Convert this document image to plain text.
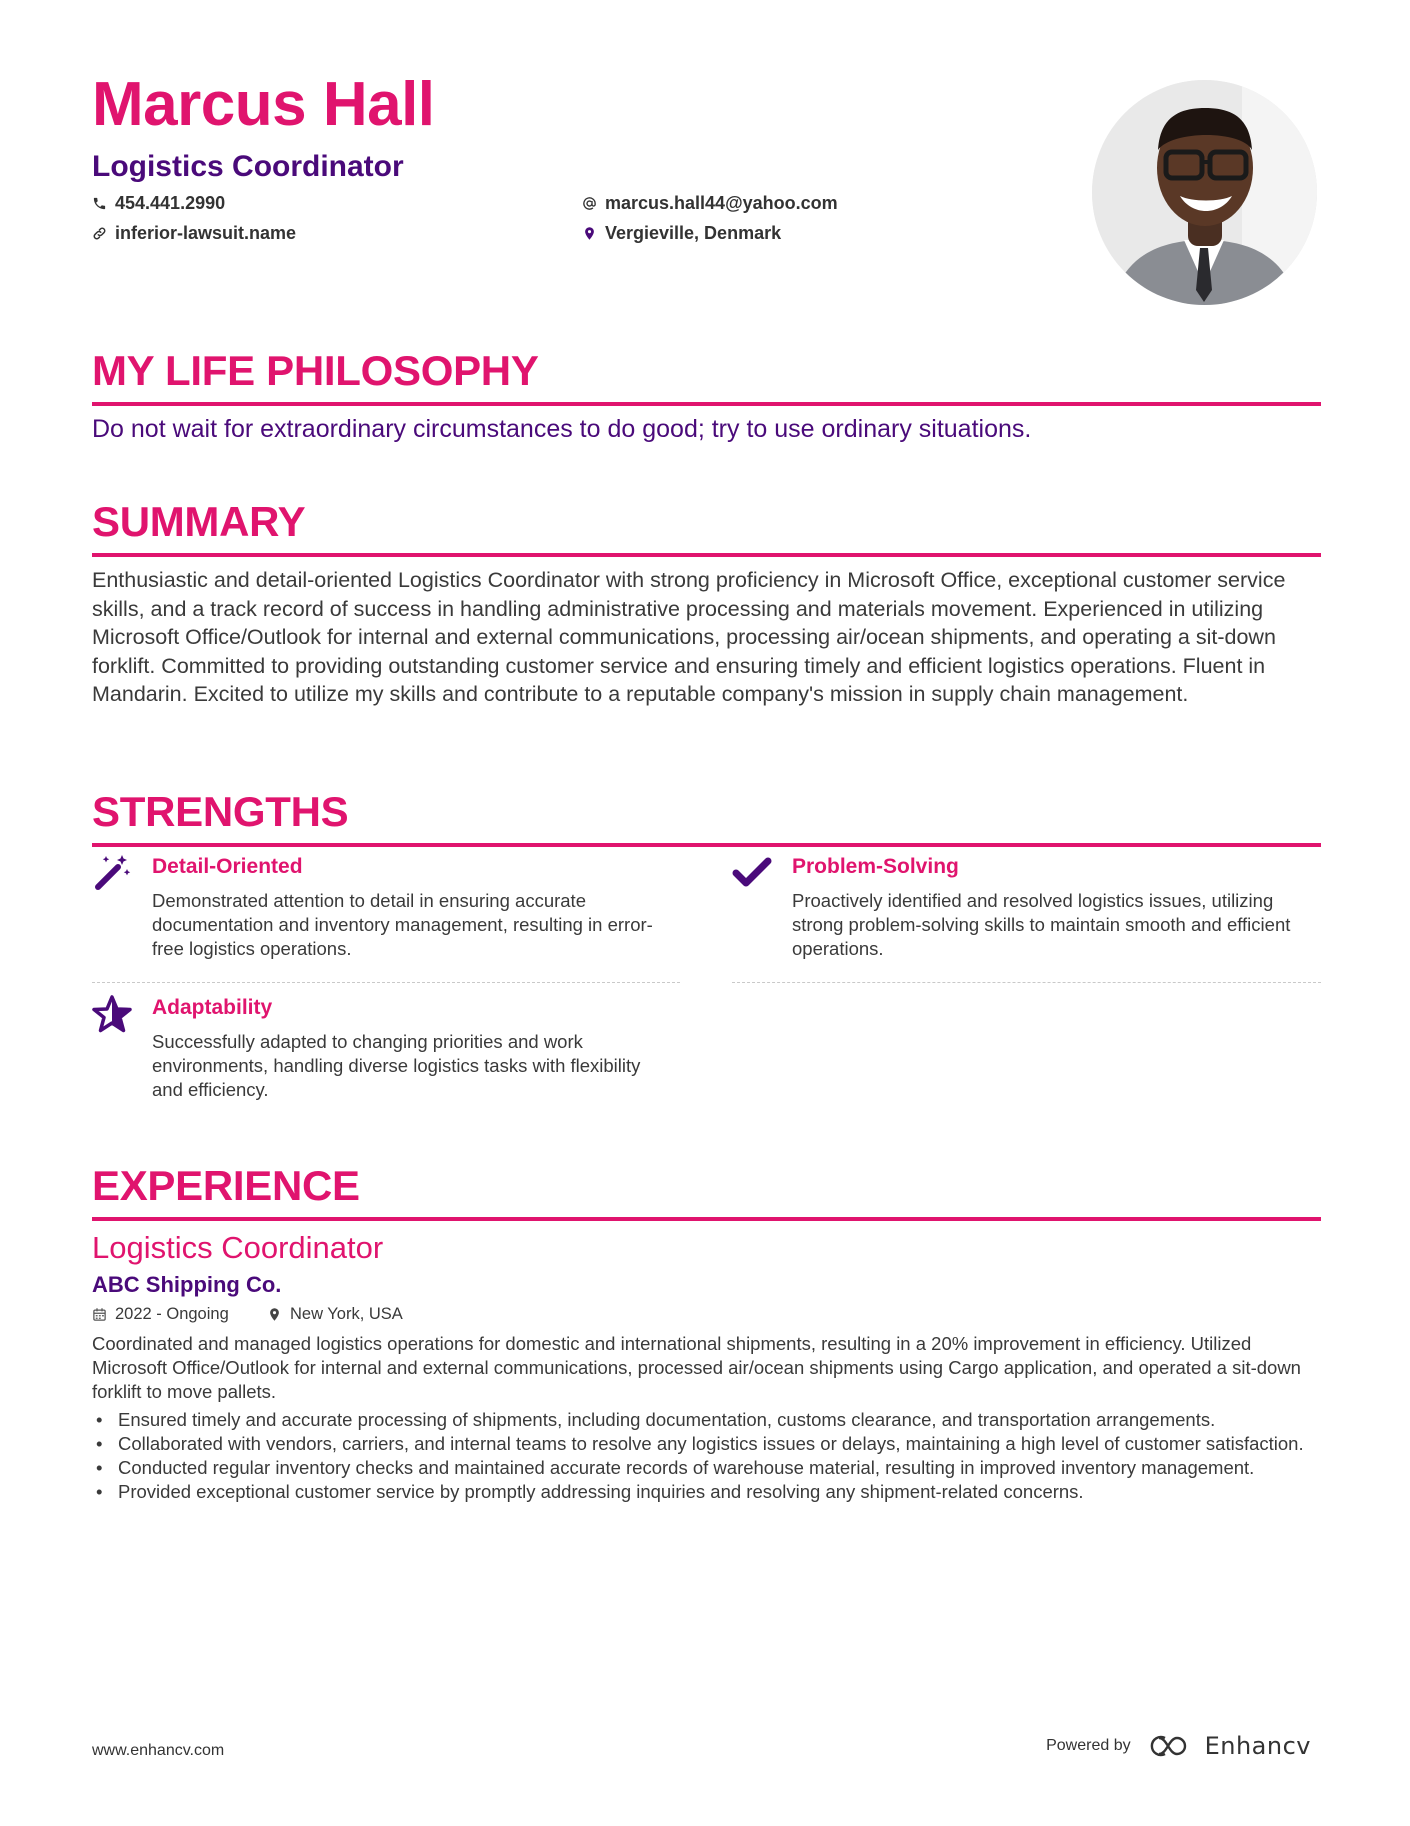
Marcus Hall
Logistics Coordinator
454.441.2990
inferior-lawsuit.name
marcus.hall44@yahoo.com
Vergieville, Denmark
MY LIFE PHILOSOPHY

Do not wait for extraordinary circumstances to do good; try to use ordinary situations.

SUMMARY

Enthusiastic and detail-oriented Logistics Coordinator with strong proficiency in Microsoft Office, exceptional customer service skills, and a track record of success in handling administrative processing and materials movement. Experienced in utilizing Microsoft Office/Outlook for internal and external communications, processing air/ocean shipments, and operating a sit-down forklift. Committed to providing outstanding customer service and ensuring timely and efficient logistics operations. Fluent in Mandarin. Excited to utilize my skills and contribute to a reputable company's mission in supply chain management.

STRENGTHS
Detail-Oriented

Demonstrated attention to detail in ensuring accurate documentation and inventory management, resulting in error-free logistics operations.

Problem-Solving

Proactively identified and resolved logistics issues, utilizing strong problem-solving skills to maintain smooth and efficient operations.

Adaptability

Successfully adapted to changing priorities and work environments, handling diverse logistics tasks with flexibility and efficiency.

EXPERIENCE
Logistics Coordinator
ABC Shipping Co.
2022 - Ongoing	New York, USA

Coordinated and managed logistics operations for domestic and international shipments, resulting in a 20% improvement in efficiency. Utilized Microsoft Office/Outlook for internal and external communications, processed air/ocean shipments using Cargo application, and operated a sit-down forklift to move pallets.

• Ensured timely and accurate processing of shipments, including documentation, customs clearance, and transportation arrangements.
• Collaborated with vendors, carriers, and internal teams to resolve any logistics issues or delays, maintaining a high level of customer satisfaction.
• Conducted regular inventory checks and maintained accurate records of warehouse material, resulting in improved inventory management.
• Provided exceptional customer service by promptly addressing inquiries and resolving any shipment-related concerns.
www.enhancv.com	Powered by	Enhancv
